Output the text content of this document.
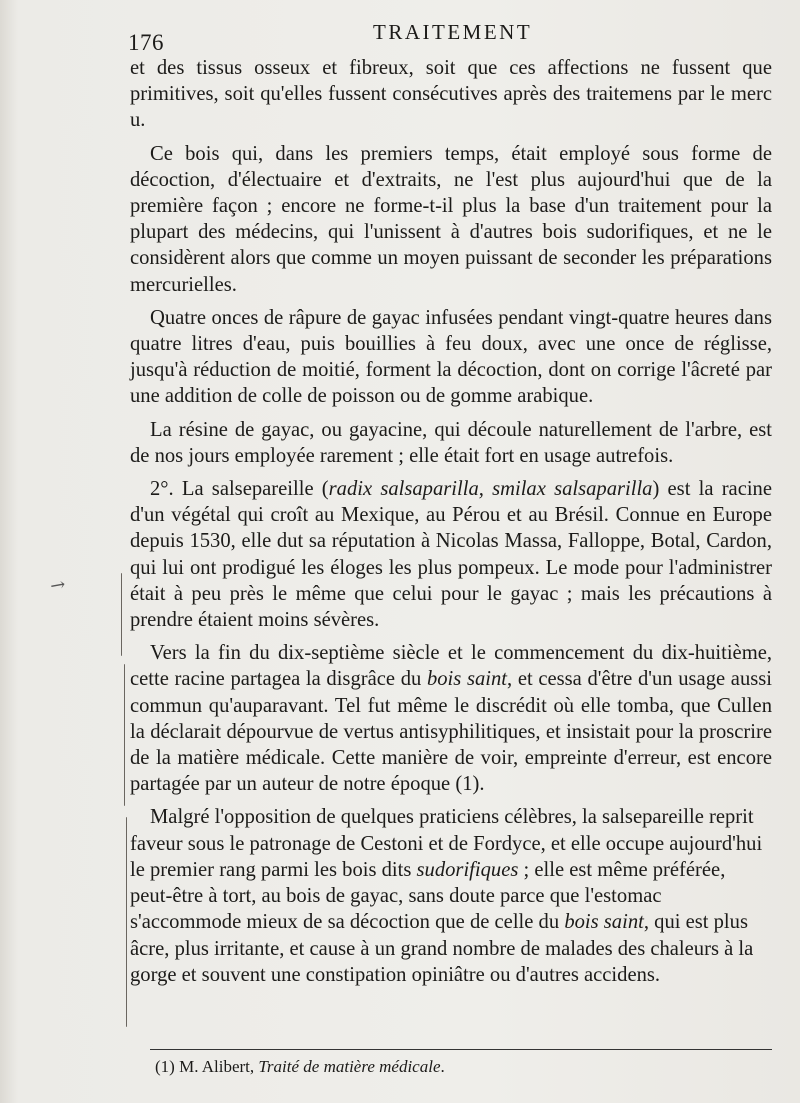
176	TRAITEMENT

et des tissus osseux et fibreux, soit que ces affections ne fussent que primitives, soit qu'elles fussent consécutives après des traitemens par le merc u.

Ce bois qui, dans les premiers temps, était employé sous forme de décoction, d'électuaire et d'extraits, ne l'est plus aujourd'hui que de la première façon ; encore ne forme-t-il plus la base d'un traitement pour la plupart des médecins, qui l'unissent à d'autres bois sudorifiques, et ne le considèrent alors que comme un moyen puissant de seconder les préparations mercurielles.

Quatre onces de râpure de gayac infusées pendant vingt-quatre heures dans quatre litres d'eau, puis bouillies à feu doux, avec une once de réglisse, jusqu'à réduction de moitié, forment la décoction, dont on corrige l'âcreté par une addition de colle de poisson ou de gomme arabique.

La résine de gayac, ou gayacine, qui découle naturellement de l'arbre, est de nos jours employée rarement ; elle était fort en usage autrefois.

2°. La salsepareille (radix salsaparilla, smilax salsaparilla) est la racine d'un végétal qui croît au Mexique, au Pérou et au Brésil. Connue en Europe depuis 1530, elle dut sa réputation à Nicolas Massa, Falloppe, Botal, Cardon, qui lui ont prodigué les éloges les plus pompeux. Le mode pour l'administrer était à peu près le même que celui pour le gayac ; mais les précautions à prendre étaient moins sévères.

Vers la fin du dix-septième siècle et le commencement du dix-huitième, cette racine partagea la disgrâce du bois saint, et cessa d'être d'un usage aussi commun qu'auparavant. Tel fut même le discrédit où elle tomba, que Cullen la déclarait dépourvue de vertus antisyphilitiques, et insistait pour la proscrire de la matière médicale. Cette manière de voir, empreinte d'erreur, est encore partagée par un auteur de notre époque (1).

Malgré l'opposition de quelques praticiens célèbres, la salsepareille reprit faveur sous le patronage de Cestoni et de Fordyce, et elle occupe aujourd'hui le premier rang parmi les bois dits sudorifiques ; elle est même préférée, peut-être à tort, au bois de gayac, sans doute parce que l'estomac s'accommode mieux de sa décoction que de celle du bois saint, qui est plus âcre, plus irritante, et cause à un grand nombre de malades des chaleurs à la gorge et souvent une constipation opiniâtre ou d'autres accidens.

↗
(1) M. Alibert, Traité de matière médicale.
